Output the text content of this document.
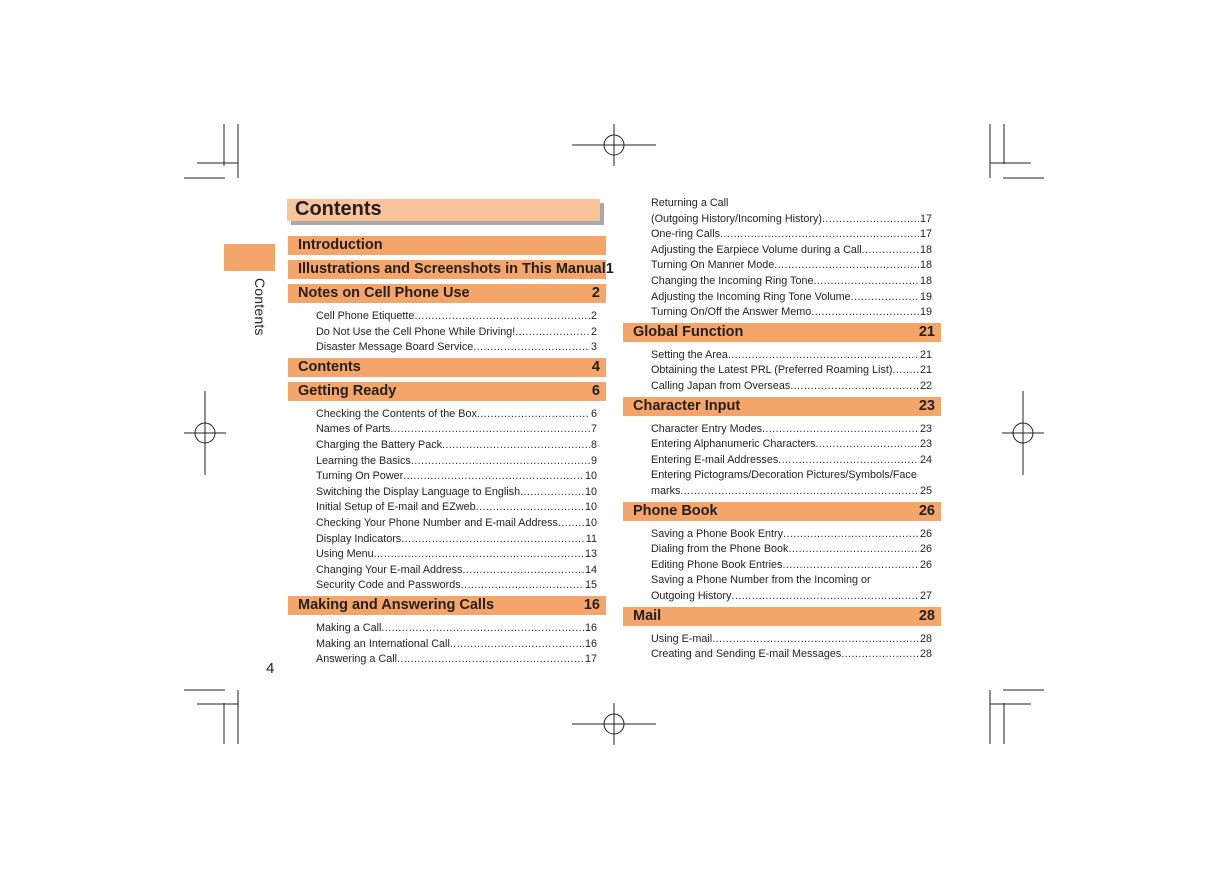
Contents
4
Contents
Introduction
Illustrations and Screenshots in This Manual 1
Notes on Cell Phone Use	2
Cell Phone Etiquette .....	2
Do Not Use the Cell Phone While Driving! .....	2
Disaster Message Board Service .....	3
Contents	4
Getting Ready	6
Checking the Contents of the Box .....	6
Names of Parts .....	7
Charging the Battery Pack .....	8
Learning the Basics .....	9
Turning On Power .....	10
Switching the Display Language to English .....	10
Initial Setup of E-mail and EZweb .....	10
Checking Your Phone Number and E-mail Address .....	10
Display Indicators .....	11
Using Menu .....	13
Changing Your E-mail Address .....	14
Security Code and Passwords .....	15
Making and Answering Calls	16
Making a Call .....	16
Making an International Call .....	16
Answering a Call .....	17
Returning a Call
(Outgoing History/Incoming History) .....	17
One-ring Calls .....	17
Adjusting the Earpiece Volume during a Call .....	18
Turning On Manner Mode .....	18
Changing the Incoming Ring Tone .....	18
Adjusting the Incoming Ring Tone Volume .....	19
Turning On/Off the Answer Memo .....	19
Global Function	21
Setting the Area .....	21
Obtaining the Latest PRL (Preferred Roaming List) .....	21
Calling Japan from Overseas .....	22
Character Input	23
Character Entry Modes .....	23
Entering Alphanumeric Characters .....	23
Entering E-mail Addresses .....	24
Entering Pictograms/Decoration Pictures/Symbols/Face
marks .....	25
Phone Book	26
Saving a Phone Book Entry .....	26
Dialing from the Phone Book .....	26
Editing Phone Book Entries .....	26
Saving a Phone Number from the Incoming or
Outgoing History .....	27
Mail	28
Using E-mail .....	28
Creating and Sending E-mail Messages .....	28
